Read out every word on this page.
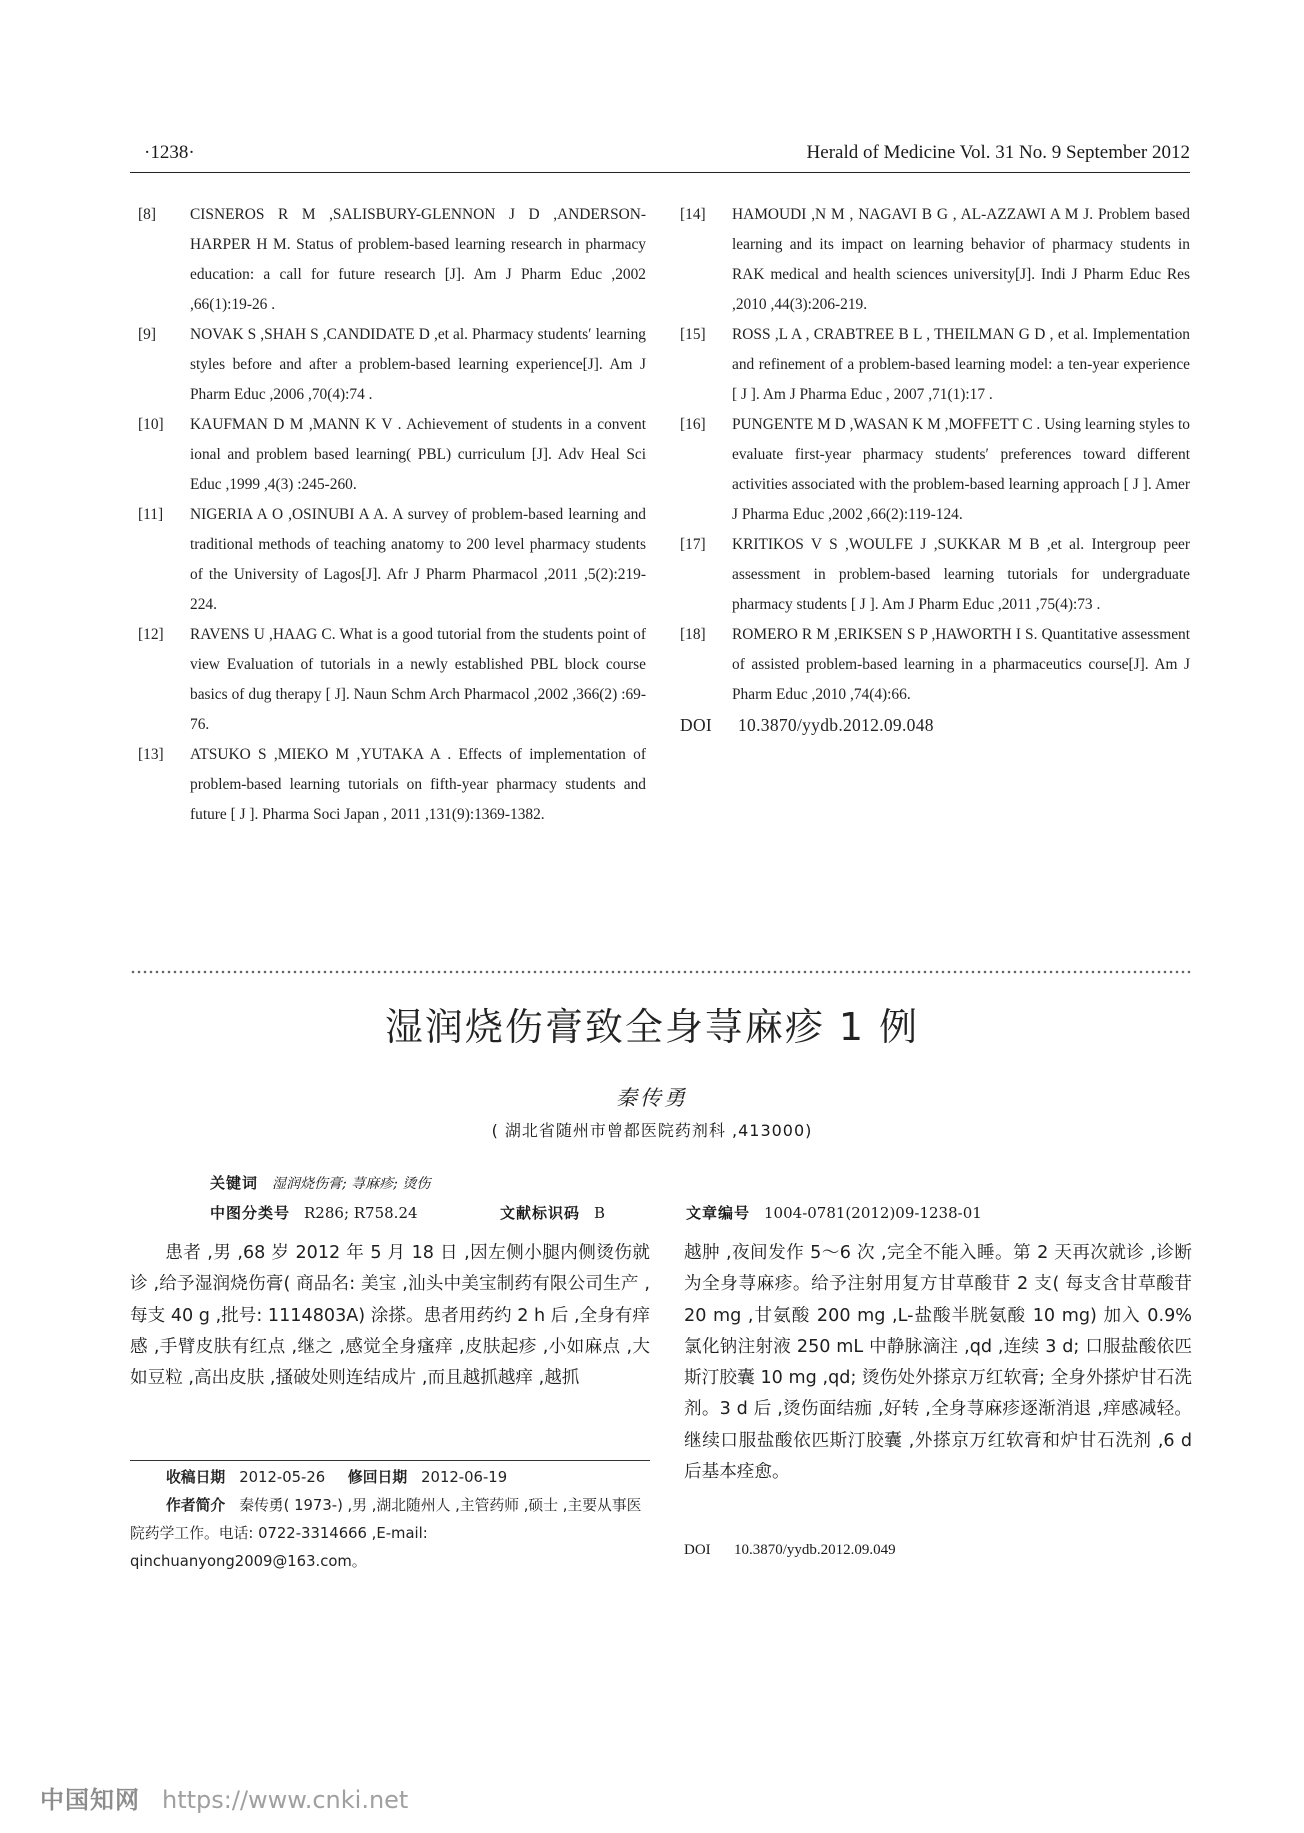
·1238·	Herald of Medicine Vol. 31 No. 9 September 2012
[8] CISNEROS R M ,SALISBURY-GLENNON J D ,ANDERSON-HARPER H M. Status of problem-based learning research in pharmacy education: a call for future research [J]. Am J Pharm Educ ,2002 ,66(1):19-26 .
[9] NOVAK S ,SHAH S ,CANDIDATE D ,et al. Pharmacy students′ learning styles before and after a problem-based learning experience[J]. Am J Pharm Educ ,2006 ,70(4):74 .
[10] KAUFMAN D M ,MANN K V . Achievement of students in a convent ional and problem based learning( PBL) curriculum [J]. Adv Heal Sci Educ ,1999 ,4(3) :245-260.
[11] NIGERIA A O ,OSINUBI A A. A survey of problem-based learning and traditional methods of teaching anatomy to 200 level pharmacy students of the University of Lagos[J]. Afr J Pharm Pharmacol ,2011 ,5(2):219-224.
[12] RAVENS U ,HAAG C. What is a good tutorial from the students point of view Evaluation of tutorials in a newly established PBL block course basics of dug therapy [ J]. Naun Schm Arch Pharmacol ,2002 ,366(2) :69-76.
[13] ATSUKO S ,MIEKO M ,YUTAKA A . Effects of implementation of problem-based learning tutorials on fifth-year pharmacy students and future [ J ]. Pharma Soci Japan , 2011 ,131(9):1369-1382.
[14] HAMOUDI ,N M , NAGAVI B G , AL-AZZAWI A M J. Problem based learning and its impact on learning behavior of pharmacy students in RAK medical and health sciences university[J]. Indi J Pharm Educ Res ,2010 ,44(3):206-219.
[15] ROSS ,L A , CRABTREE B L , THEILMAN G D , et al. Implementation and refinement of a problem-based learning model: a ten-year experience [ J ]. Am J Pharma Educ , 2007 ,71(1):17 .
[16] PUNGENTE M D ,WASAN K M ,MOFFETT C . Using learning styles to evaluate first-year pharmacy students′ preferences toward different activities associated with the problem-based learning approach [ J ]. Amer J Pharma Educ ,2002 ,66(2):119-124.
[17] KRITIKOS V S ,WOULFE J ,SUKKAR M B ,et al. Intergroup peer assessment in problem-based learning tutorials for undergraduate pharmacy students [ J ]. Am J Pharm Educ ,2011 ,75(4):73 .
[18] ROMERO R M ,ERIKSEN S P ,HAWORTH I S. Quantitative assessment of assisted problem-based learning in a pharmaceutics course[J]. Am J Pharm Educ ,2010 ,74(4):66.
DOI 10.3870/yydb.2012.09.048
湿润烧伤膏致全身荨麻疹 1 例
秦传勇
( 湖北省随州市曾都医院药剂科 ,413000)
关键词 湿润烧伤膏; 荨麻疹; 烫伤
中图分类号 R286; R758.24	文献标识码 B	文章编号 1004-0781(2012)09-1238-01
患者 ,男 ,68 岁 2012 年 5 月 18 日 ,因左侧小腿内侧烫伤就诊 ,给予湿润烧伤膏( 商品名: 美宝 ,汕头中美宝制药有限公司生产 ,每支 40 g ,批号: 1114803A) 涂搽。患者用药约 2 h 后 ,全身有痒感 ,手臂皮肤有红点 ,继之 ,感觉全身瘙痒 ,皮肤起疹 ,小如麻点 ,大如豆粒 ,高出皮肤 ,搔破处则连结成片 ,而且越抓越痒 ,越抓
越肿 ,夜间发作 5～6 次 ,完全不能入睡。第 2 天再次就诊 ,诊断为全身荨麻疹。给予注射用复方甘草酸苷 2 支( 每支含甘草酸苷 20 mg ,甘氨酸 200 mg ,L-盐酸半胱氨酸 10 mg) 加入 0.9% 氯化钠注射液 250 mL 中静脉滴注 ,qd ,连续 3 d; 口服盐酸依匹斯汀胶囊 10 mg ,qd; 烫伤处外搽京万红软膏; 全身外搽炉甘石洗剂。3 d 后 ,烫伤面结痂 ,好转 ,全身荨麻疹逐渐消退 ,痒感减轻。继续口服盐酸依匹斯汀胶囊 ,外搽京万红软膏和炉甘石洗剂 ,6 d 后基本痊愈。
收稿日期 2012-05-26 修回日期 2012-06-19
作者简介 秦传勇( 1973-) ,男 ,湖北随州人 ,主管药师 ,硕士 ,主要从事医院药学工作。电话: 0722-3314666 ,E-mail: qinchuanyong2009@163.com。
DOI 10.3870/yydb.2012.09.049
中国知网 https://www.cnki.net
